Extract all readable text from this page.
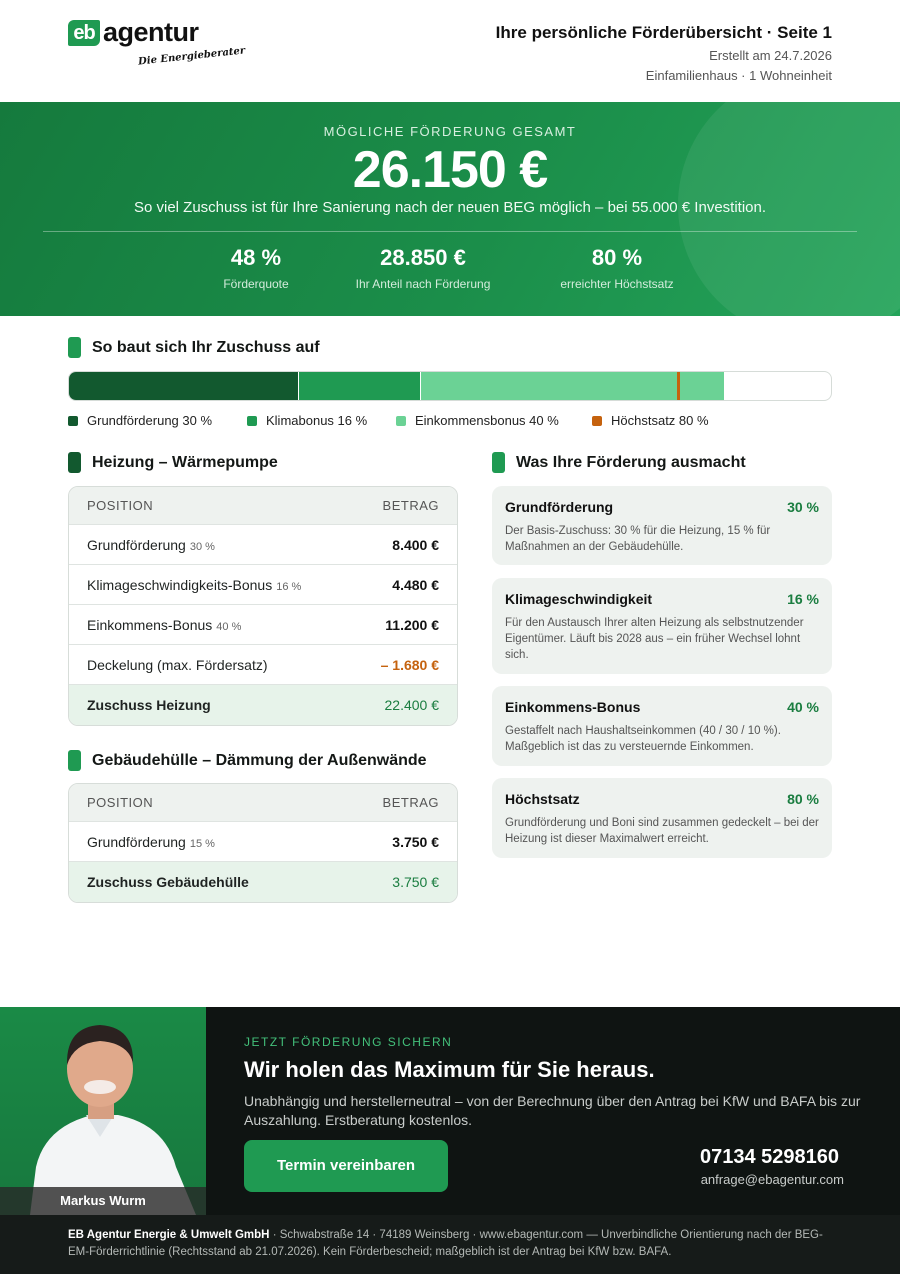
eb agentur
Die Energieberater
Ihre persönliche Förderübersicht · Seite 1
Erstellt am 24.7.2026
Einfamilienhaus · 1 Wohneinheit
MÖGLICHE FÖRDERUNG GESAMT
26.150 €
So viel Zuschuss ist für Ihre Sanierung nach der neuen BEG möglich – bei 55.000 € Investition.
48 %
Förderquote
28.850 €
Ihr Anteil nach Förderung
80 %
erreichter Höchstsatz
So baut sich Ihr Zuschuss auf
Grundförderung 30 %	Klimabonus 16 %	Einkommensbonus 40 %	Höchstsatz 80 %
Heizung – Wärmepumpe
POSITION	BETRAG
Grundförderung 30 %	8.400 €
Klimageschwindigkeits-Bonus 16 %	4.480 €
Einkommens-Bonus 40 %	11.200 €
Deckelung (max. Fördersatz)	– 1.680 €
Zuschuss Heizung	22.400 €
Gebäudehülle – Dämmung der Außenwände
POSITION	BETRAG
Grundförderung 15 %	3.750 €
Zuschuss Gebäudehülle	3.750 €
Was Ihre Förderung ausmacht
Grundförderung	30 %
Der Basis-Zuschuss: 30 % für die Heizung, 15 % für Maßnahmen an der Gebäudehülle.
Klimageschwindigkeit	16 %
Für den Austausch Ihrer alten Heizung als selbstnutzender Eigentümer. Läuft bis 2028 aus – ein früher Wechsel lohnt sich.
Einkommens-Bonus	40 %
Gestaffelt nach Haushaltseinkommen (40 / 30 / 10 %). Maßgeblich ist das zu versteuernde Einkommen.
Höchstsatz	80 %
Grundförderung und Boni sind zusammen gedeckelt – bei der Heizung ist dieser Maximalwert erreicht.
Markus Wurm
JETZT FÖRDERUNG SICHERN
Wir holen das Maximum für Sie heraus.
Unabhängig und herstellerneutral – von der Berechnung über den Antrag bei KfW und BAFA bis zur Auszahlung. Erstberatung kostenlos.
Termin vereinbaren	07134 5298160
anfrage@ebagentur.com
EB Agentur Energie & Umwelt GmbH · Schwabstraße 14 · 74189 Weinsberg · www.ebagentur.com — Unverbindliche Orientierung nach der BEG-EM-Förderrichtlinie (Rechtsstand ab 21.07.2026). Kein Förderbescheid; maßgeblich ist der Antrag bei KfW bzw. BAFA.
